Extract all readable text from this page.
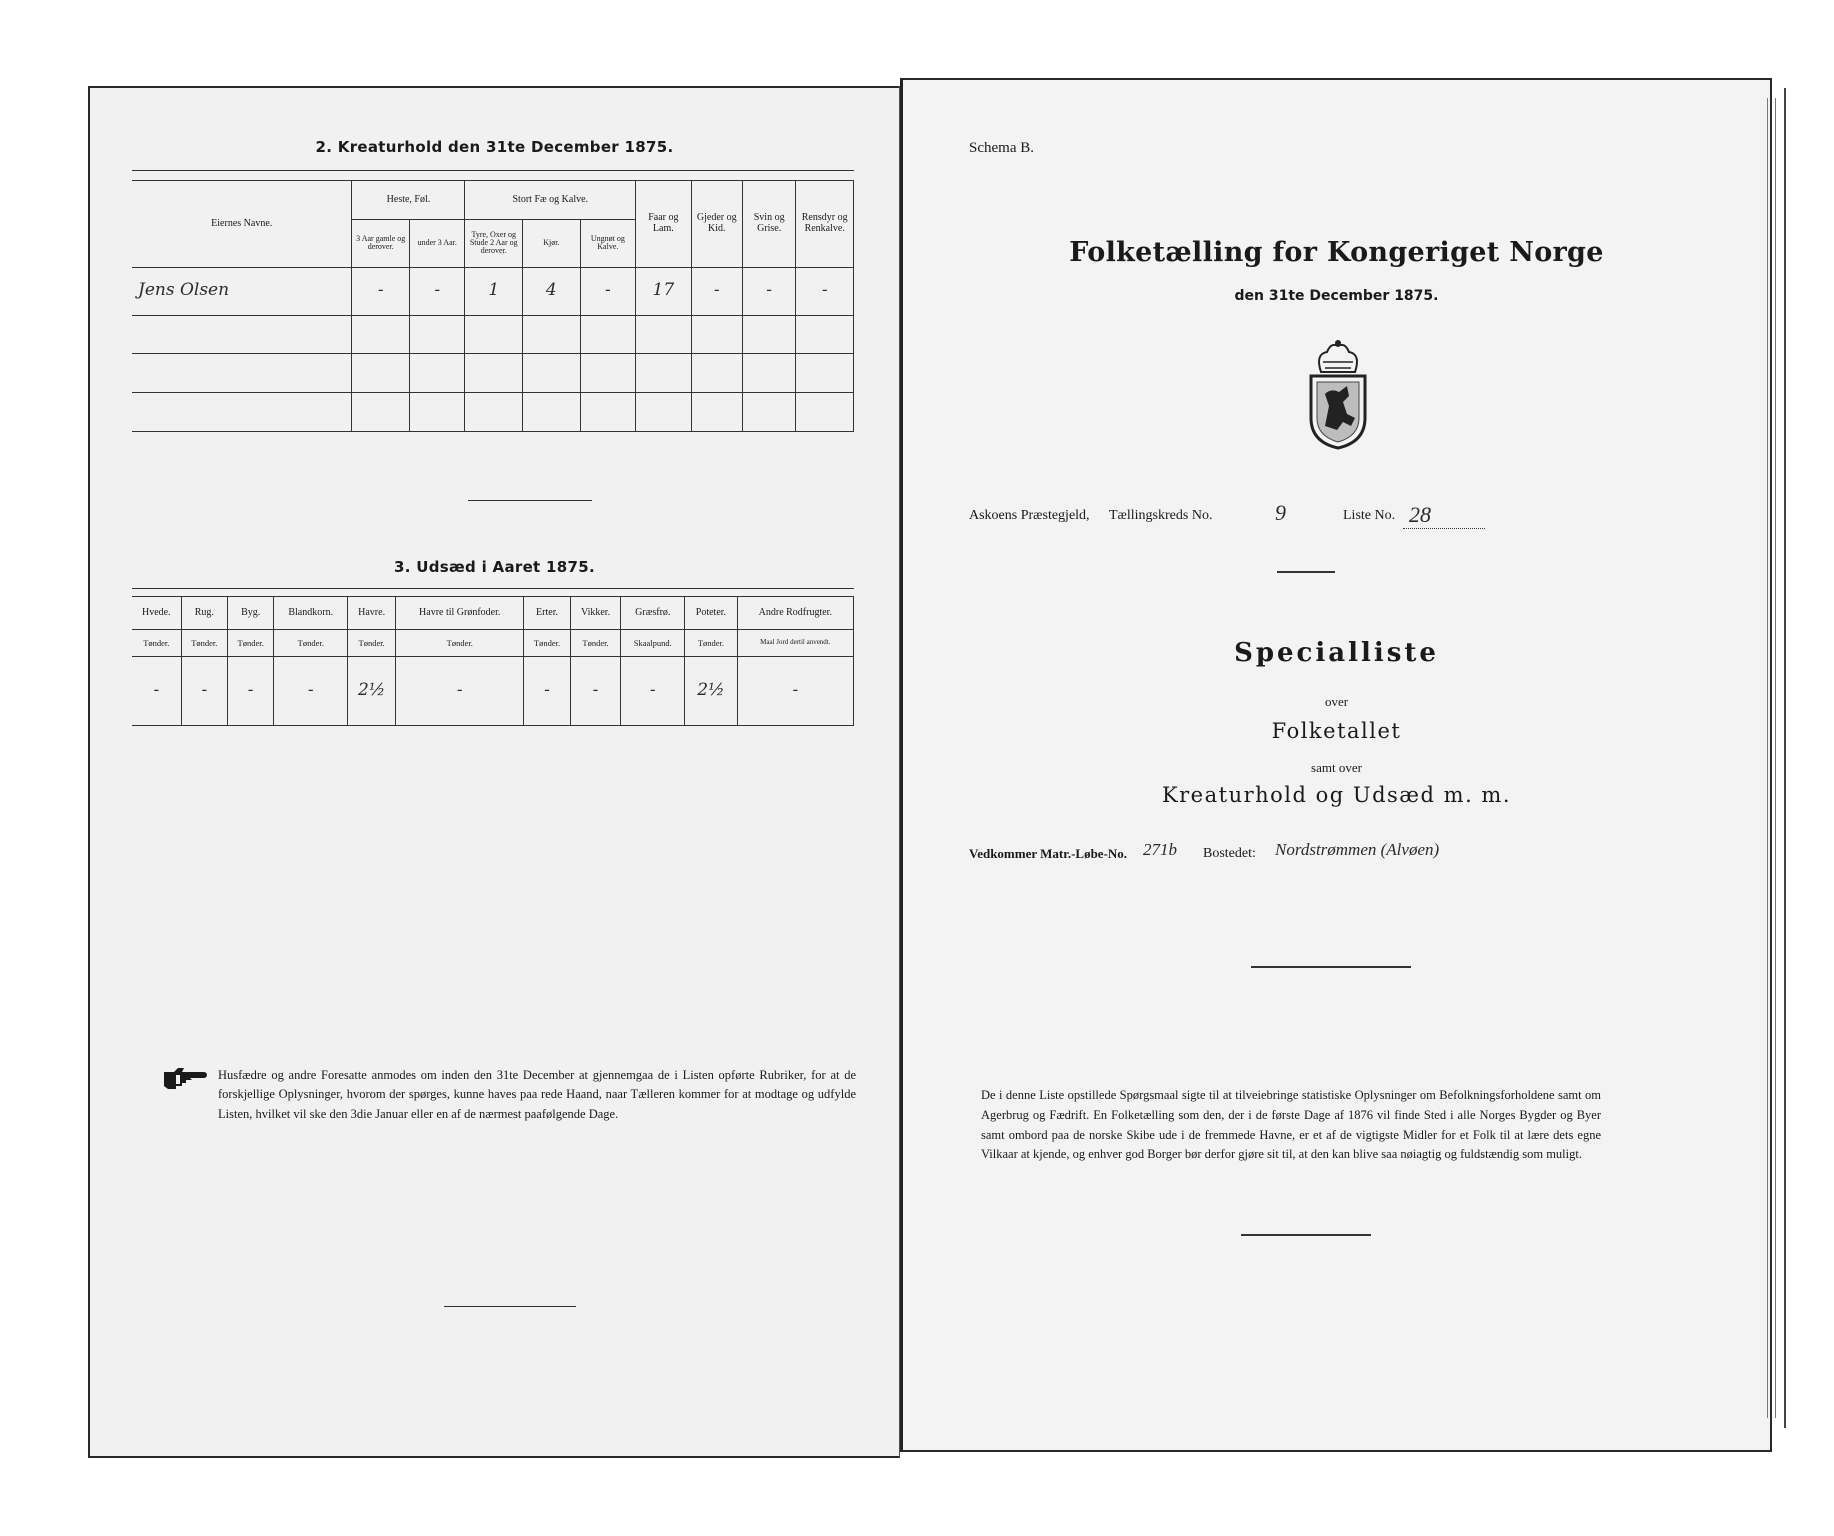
2. Kreaturhold den 31te December 1875.
Eiernes Navne.	Heste, Føl.		Stort Fæ og Kalve.			Faar og Lam.	Gjeder og Kid.	Svin og Grise.	Rensdyr og Renkalve.
	3 Aar gamle og derover.	under 3 Aar.	Tyre, Oxer og Stude 2 Aar og derover.	Kjør.	Ungnøt og Kalve.				
Jens Olsen	-	-	1	4	-	17	-	-	-

3. Udsæd i Aaret 1875.
Hvede.	Rug.	Byg.	Blandkorn.	Havre.	Havre til Grønfoder.	Erter.	Vikker.	Græsfrø.	Poteter.	Andre Rodfrugter.
Tønder.	Tønder.	Tønder.	Tønder.	Tønder.	Tønder.	Tønder.	Tønder.	Skaalpund.	Tønder.	Maal Jord dertil anvendt.
-	-	-	-	2½	-	-	-	-	2½	-
Husfædre og andre Foresatte anmodes om inden den 31te December at gjennemgaa de i Listen opførte Rubriker, for at de forskjellige Oplysninger, hvorom der spørges, kunne haves paa rede Haand, naar Tælleren kommer for at modtage og udfylde Listen, hvilket vil ske den 3die Januar eller en af de nærmest paafølgende Dage.
Schema B.
Folketælling for Kongeriget Norge
den 31te December 1875.
Askoens Præstegjeld, Tællingskreds No.	9	Liste No. 28
Specialliste
over
Folketallet
samt over
Kreaturhold og Udsæd m. m.
Vedkommer Matr.-Løbe-No. 271b Bostedet: Nordstrømmen (Alvøen)
De i denne Liste opstillede Spørgsmaal sigte til at tilveiebringe statistiske Oplysninger om Befolkningsforholdene samt om Agerbrug og Fædrift. En Folketælling som den, der i de første Dage af 1876 vil finde Sted i alle Norges Bygder og Byer samt ombord paa de norske Skibe ude i de fremmede Havne, er et af de vigtigste Midler for et Folk til at lære dets egne Vilkaar at kjende, og enhver god Borger bør derfor gjøre sit til, at den kan blive saa nøiagtig og fuldstændig som muligt.
